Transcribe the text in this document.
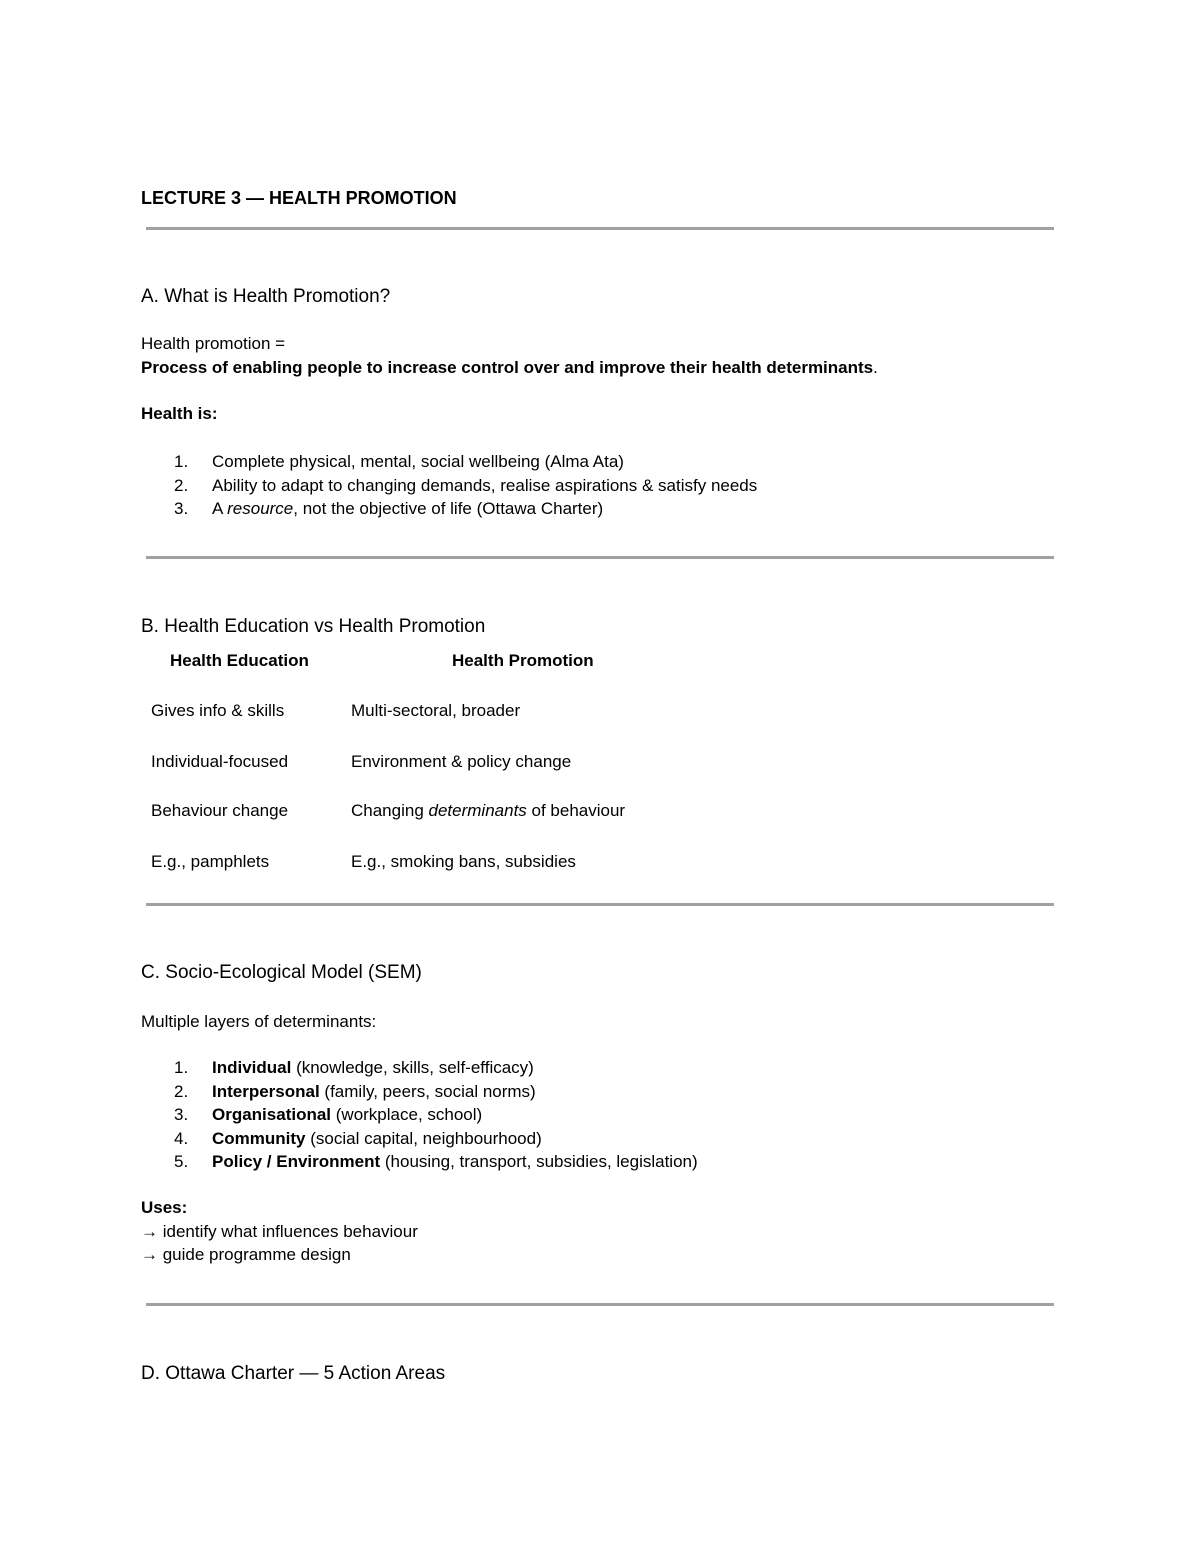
LECTURE 3 — HEALTH PROMOTION
A. What is Health Promotion?
Health promotion =
Process of enabling people to increase control over and improve their health determinants.
Health is:
1. Complete physical, mental, social wellbeing (Alma Ata)
2. Ability to adapt to changing demands, realise aspirations & satisfy needs
3. A resource, not the objective of life (Ottawa Charter)
B. Health Education vs Health Promotion
Health Education	Health Promotion
Gives info & skills	Multi-sectoral, broader
Individual-focused	Environment & policy change
Behaviour change	Changing determinants of behaviour
E.g., pamphlets	E.g., smoking bans, subsidies
C. Socio-Ecological Model (SEM)
Multiple layers of determinants:
1. Individual (knowledge, skills, self-efficacy)
2. Interpersonal (family, peers, social norms)
3. Organisational (workplace, school)
4. Community (social capital, neighbourhood)
5. Policy / Environment (housing, transport, subsidies, legislation)
Uses:
→ identify what influences behaviour
→ guide programme design
D. Ottawa Charter — 5 Action Areas
